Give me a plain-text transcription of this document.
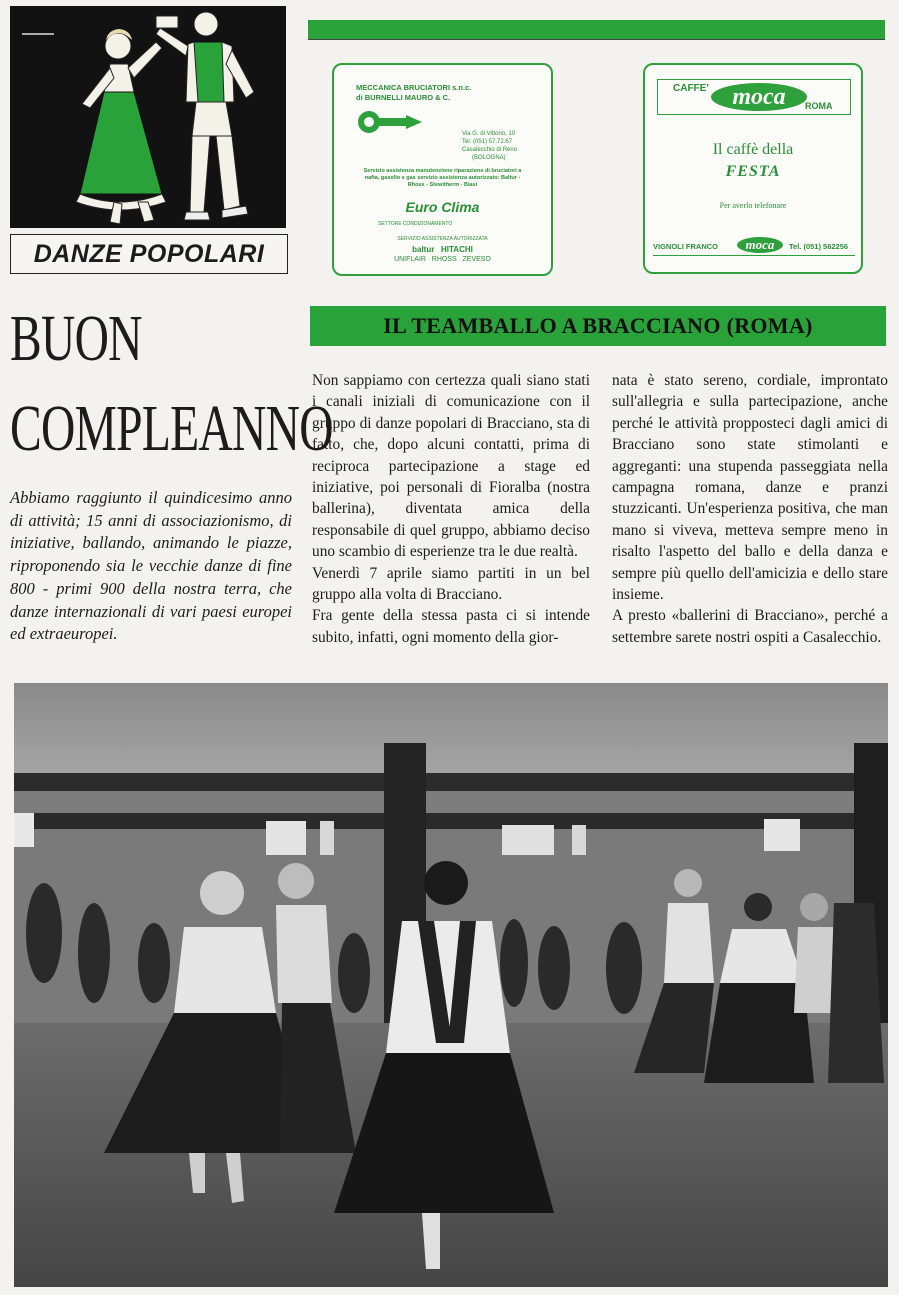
DANZE POPOLARI
MECCANICA BRUCIATORI s.n.c.
di BURNELLI MAURO & C.
Via G. di Vittorio, 10
Tel. (051) 57.72.67
Casalecchio di Reno
(BOLOGNA)
Servizio assistenza manutenzione riparazione di bruciatori a nafta, gasolio e gas servizio assistenza autorizzato: Baltur - Rhoss - Stewitherm - Biasi
Euro Clima
SETTORE CONDIZIONAMENTO
SERVIZIO ASSISTENZA AUTORIZZATA
baltur   HITACHI
UNIFLAIR   RHOSS   ZEVESO
CAFFE' moca	ROMA
Il caffè della
FESTA
Per averlo telefonare
VIGNOLI FRANCO	moca	Tel. (051) 562256
IL TEAMBALLO A BRACCIANO (ROMA)
BUON
COMPLEANNO
Abbiamo raggiunto il quindicesimo anno di attività; 15 anni di associazionismo, di iniziative, ballando, animando le piazze, riproponendo sia le vecchie danze di fine 800 - primi 900 della nostra terra, che danze internazionali di vari paesi europei ed extraeuropei.

Non sappiamo con certezza quali siano stati i canali iniziali di comunicazione con il gruppo di danze popolari di Bracciano, sta di fatto, che, dopo alcuni contatti, prima di reciproca partecipazione a stage ed iniziative, poi personali di Fioralba (nostra ballerina), diventata amica della responsabile di quel gruppo, abbiamo deciso uno scambio di esperienze tra le due realtà.

Venerdì 7 aprile siamo partiti in un bel gruppo alla volta di Bracciano.

Fra gente della stessa pasta ci si intende subito, infatti, ogni momento della gior-

nata è stato sereno, cordiale, improntato sull'allegria e sulla partecipazione, anche perché le attività propposteci dagli amici di Bracciano sono state stimolanti e aggreganti: una stupenda passeggiata nella campagna romana, danze e pranzi stuzzicanti. Un'esperienza positiva, che man mano si viveva, metteva sempre meno in risalto l'aspetto del ballo e della danza e sempre più quello dell'amicizia e dello stare insieme.

A presto «ballerini di Bracciano», perché a settembre sarete nostri ospiti a Casalecchio.
